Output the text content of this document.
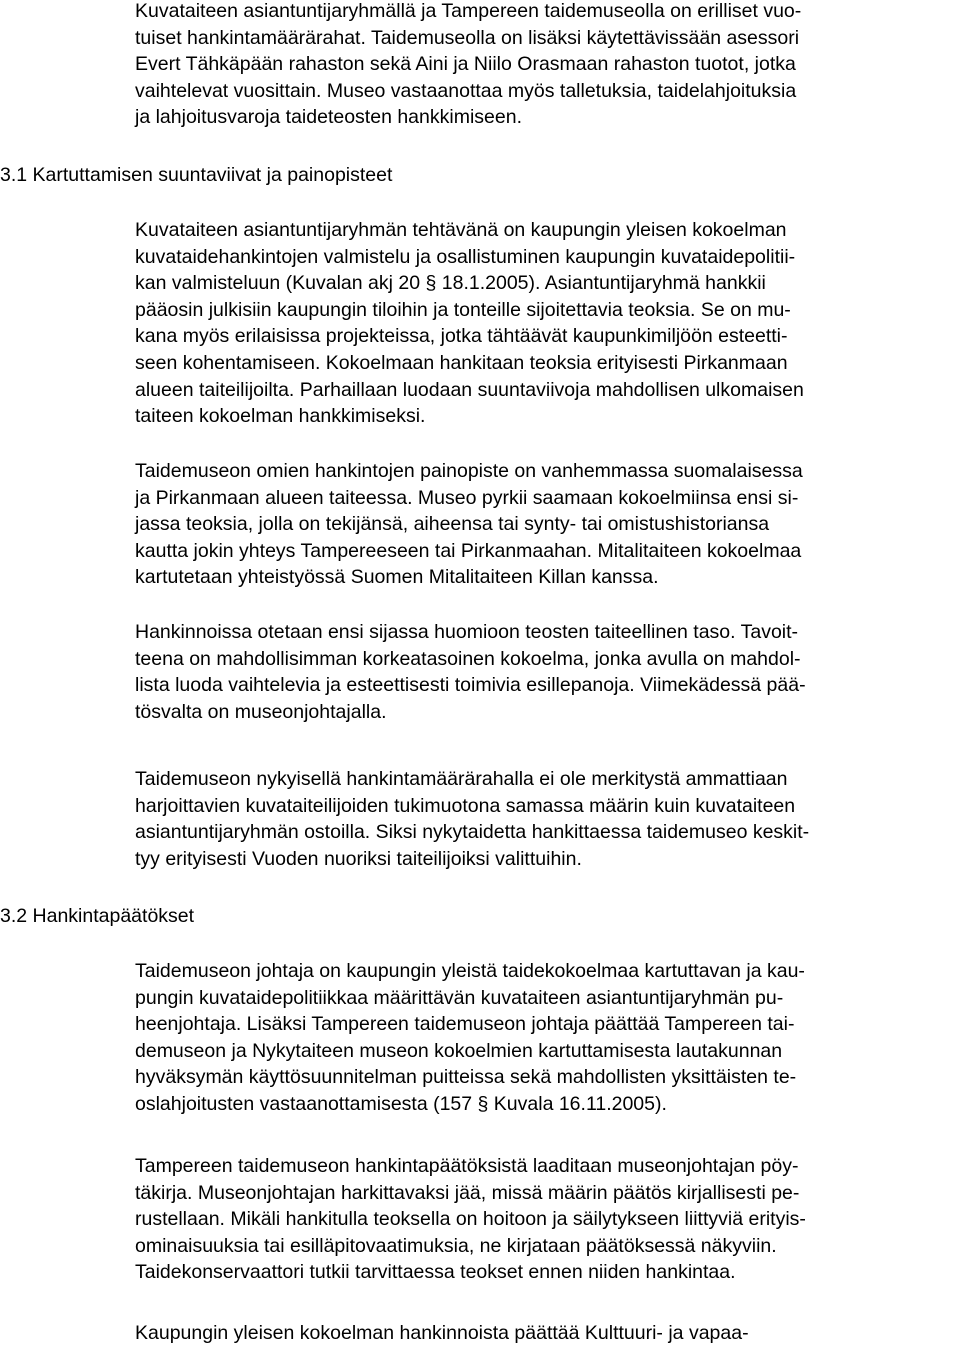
Kuvataiteen asiantuntijaryhmällä ja Tampereen taidemuseolla on erilliset vuo-
tuiset hankintamäärärahat. Taidemuseolla on lisäksi käytettävissään asessori
Evert Tähkäpään rahaston sekä Aini ja Niilo Orasmaan rahaston tuotot, jotka
vaihtelevat vuosittain. Museo vastaanottaa myös talletuksia, taidelahjoituksia
ja lahjoitusvaroja taideteosten hankkimiseen.
3.1 Kartuttamisen suuntaviivat ja painopisteet
Kuvataiteen asiantuntijaryhmän tehtävänä on kaupungin yleisen kokoelman
kuvataidehankintojen valmistelu ja osallistuminen kaupungin kuvataidepolitii-
kan valmisteluun (Kuvalan akj 20 § 18.1.2005). Asiantuntijaryhmä hankkii
pääosin julkisiin kaupungin tiloihin ja tonteille sijoitettavia teoksia. Se on mu-
kana myös erilaisissa projekteissa, jotka tähtäävät kaupunkimiljöön esteetti-
seen kohentamiseen. Kokoelmaan hankitaan teoksia erityisesti Pirkanmaan
alueen taiteilijoilta. Parhaillaan luodaan suuntaviivoja mahdollisen ulkomaisen
taiteen kokoelman hankkimiseksi.
Taidemuseon omien hankintojen painopiste on vanhemmassa suomalaisessa
ja Pirkanmaan alueen taiteessa. Museo pyrkii saamaan kokoelmiinsa ensi si-
jassa teoksia, jolla on tekijänsä, aiheensa tai synty- tai omistushistoriansa
kautta jokin yhteys Tampereeseen tai Pirkanmaahan. Mitalitaiteen kokoelmaa
kartutetaan yhteistyössä Suomen Mitalitaiteen Killan kanssa.
Hankinnoissa otetaan ensi sijassa huomioon teosten taiteellinen taso. Tavoit-
teena on mahdollisimman korkeatasoinen kokoelma, jonka avulla on mahdol-
lista luoda vaihtelevia ja esteettisesti toimivia esillepanoja. Viimekädessä pää-
tösvalta on museonjohtajalla.
Taidemuseon nykyisellä hankintamäärärahalla ei ole merkitystä ammattiaan
harjoittavien kuvataiteilijoiden tukimuotona samassa määrin kuin kuvataiteen
asiantuntijaryhmän ostoilla. Siksi nykytaidetta hankittaessa taidemuseo keskit-
tyy erityisesti Vuoden nuoriksi taiteilijoiksi valittuihin.
3.2 Hankintapäätökset
Taidemuseon johtaja on kaupungin yleistä taidekokoelmaa kartuttavan ja kau-
pungin kuvataidepolitiikkaa määrittävän kuvataiteen asiantuntijaryhmän pu-
heenjohtaja. Lisäksi Tampereen taidemuseon johtaja päättää Tampereen tai-
demuseon ja Nykytaiteen museon kokoelmien kartuttamisesta lautakunnan
hyväksymän käyttösuunnitelman puitteissa sekä mahdollisten yksittäisten te-
oslahjoitusten vastaanottamisesta (157 § Kuvala 16.11.2005).
Tampereen taidemuseon hankintapäätöksistä laaditaan museonjohtajan pöy-
täkirja. Museonjohtajan harkittavaksi jää, missä määrin päätös kirjallisesti pe-
rustellaan. Mikäli hankitulla teoksella on hoitoon ja säilytykseen liittyviä erityis-
ominaisuuksia tai esilläpitovaatimuksia, ne kirjataan päätöksessä näkyviin.
Taidekonservaattori tutkii tarvittaessa teokset ennen niiden hankintaa.
Kaupungin yleisen kokoelman hankinnoista päättää Kulttuuri- ja vapaa-
